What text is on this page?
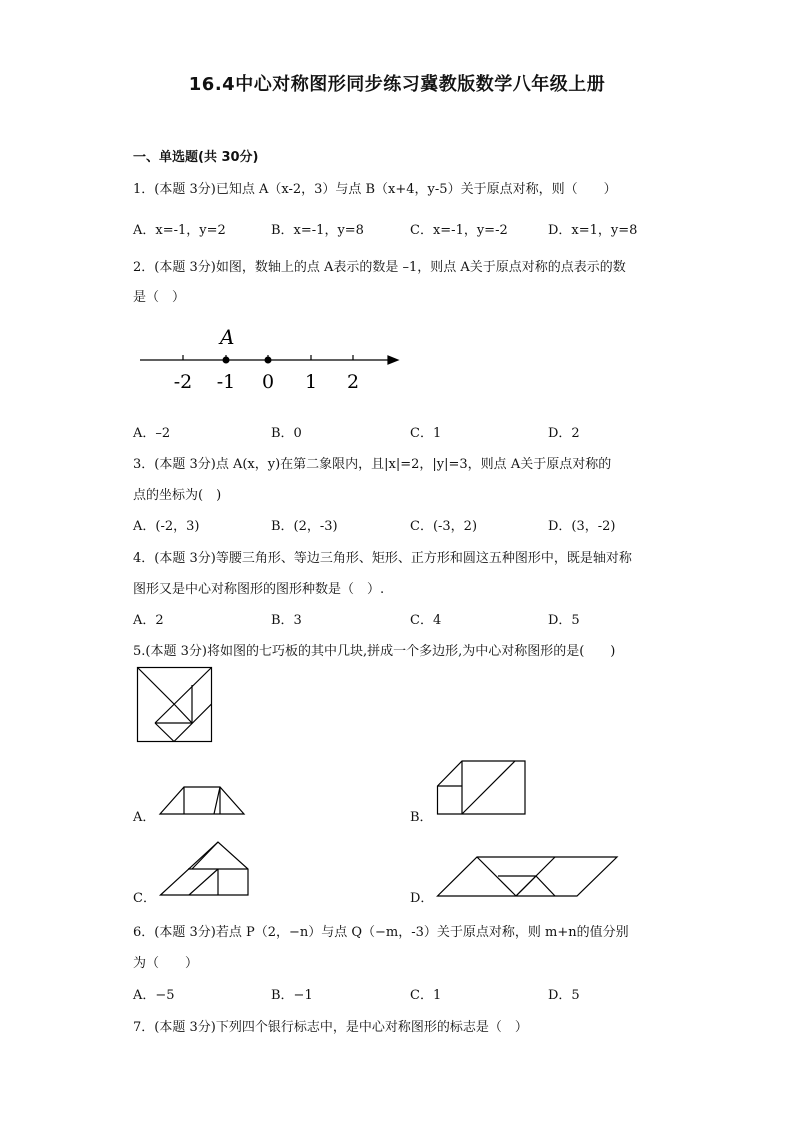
16.4中心对称图形同步练习冀教版数学八年级上册
一、单选题(共 30分)
1．(本题 3分)已知点 A（x-2，3）与点 B（x+4，y-5）关于原点对称，则（　　）
A．x=-1，y=2	B．x=-1，y=8	C．x=-1，y=-2	D．x=1，y=8
2．(本题 3分)如图，数轴上的点 A表示的数是 –1，则点 A关于原点对称的点表示的数
是（　）
A
-2 -1 0 1 2
A．–2	B．0	C．1	D．2
3．(本题 3分)点 A(x，y)在第二象限内，且|x|=2，|y|=3，则点 A关于原点对称的
点的坐标为(　)
A．(-2，3)	B．(2，-3)	C．(-3，2)	D．(3，-2)
4．(本题 3分)等腰三角形、等边三角形、矩形、正方形和圆这五种图形中，既是轴对称
图形又是中心对称图形的图形种数是（　）.
A．2	B．3	C．4	D．5
5.(本题 3分)将如图的七巧板的其中几块,拼成一个多边形,为中心对称图形的是(　　)
A．	B．
C．	D．
6．(本题 3分)若点 P（2，−n）与点 Q（−m，-3）关于原点对称，则 m+n的值分别
为（　　）
A．−5	B．−1	C．1	D．5
7．(本题 3分)下列四个银行标志中，是中心对称图形的标志是（　）
